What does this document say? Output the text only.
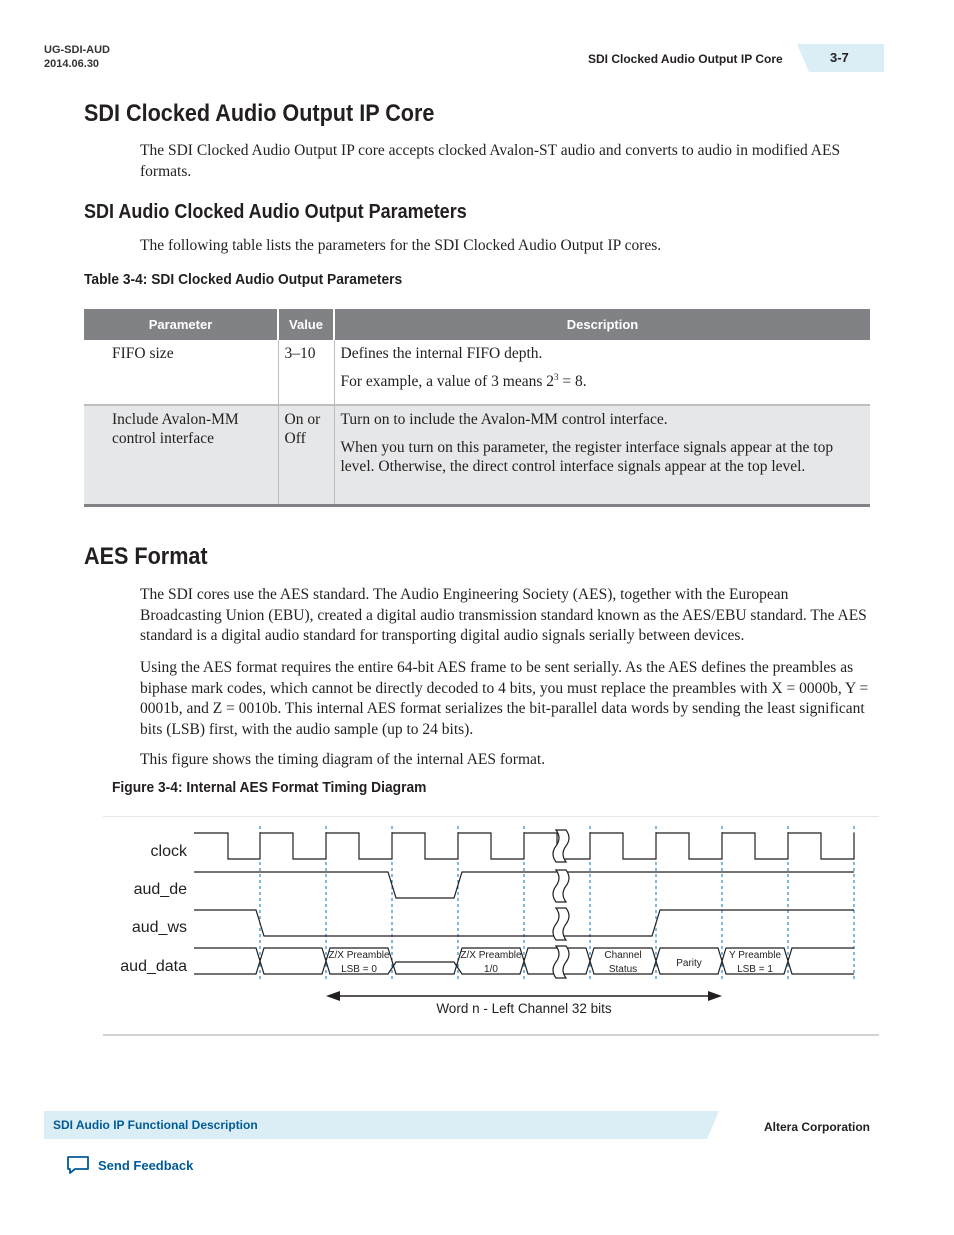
UG-SDI-AUD
2014.06.30	SDI Clocked Audio Output IP Core	3-7
SDI Clocked Audio Output IP Core

The SDI Clocked Audio Output IP core accepts clocked Avalon-ST audio and converts to audio in modified AES formats.

SDI Audio Clocked Audio Output Parameters

The following table lists the parameters for the SDI Clocked Audio Output IP cores.

Table 3-4: SDI Clocked Audio Output Parameters
Parameter	Value	Description
FIFO size	3–10	Defines the internal FIFO depth.

For example, a value of 3 means $2^3 = 8$.

Include Avalon-MM control interface	On or Off	Turn on to include the Avalon-MM control interface.

When you turn on this parameter, the register interface signals appear at the top level. Otherwise, the direct control interface signals appear at the top level.

AES Format

The SDI cores use the AES standard. The Audio Engineering Society (AES), together with the European Broadcasting Union (EBU), created a digital audio transmission standard known as the AES/EBU standard. The AES standard is a digital audio standard for transporting digital audio signals serially between devices.

Using the AES format requires the entire 64-bit AES frame to be sent serially. As the AES defines the preambles as biphase mark codes, which cannot be directly decoded to 4 bits, you must replace the preambles with X = 0000b, Y = 0001b, and Z = 0010b. This internal AES format serializes the bit-parallel data words by sending the least significant bits (LSB) first, with the audio sample (up to 24 bits).

This figure shows the timing diagram of the internal AES format.

Figure 3-4: Internal AES Format Timing Diagram
clock
aud_de
aud_ws
aud_data
Z/X Preamble
LSB = 0
Z/X Preamble
1/0
Channel
Status
Parity
Y Preamble
LSB = 1
Word n - Left Channel 32 bits
SDI Audio IP Functional Description	Altera Corporation
Send Feedback
